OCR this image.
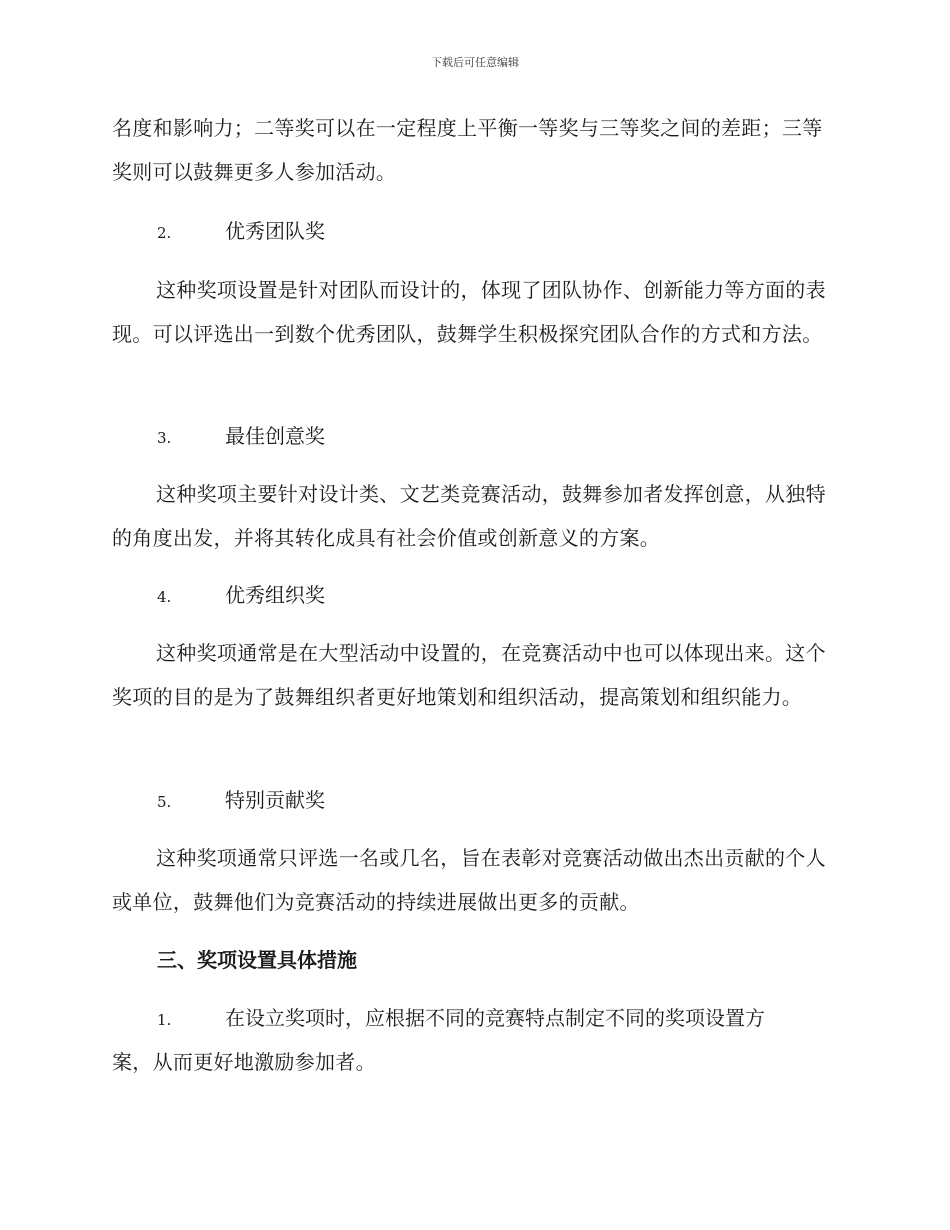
下载后可任意编辑
名度和影响力；二等奖可以在一定程度上平衡一等奖与三等奖之间的差距；三等奖则可以鼓舞更多人参加活动。
2.	优秀团队奖
这种奖项设置是针对团队而设计的，体现了团队协作、创新能力等方面的表现。可以评选出一到数个优秀团队，鼓舞学生积极探究团队合作的方式和方法。
3.	最佳创意奖
这种奖项主要针对设计类、文艺类竞赛活动，鼓舞参加者发挥创意，从独特的角度出发，并将其转化成具有社会价值或创新意义的方案。
4.	优秀组织奖
这种奖项通常是在大型活动中设置的，在竞赛活动中也可以体现出来。这个奖项的目的是为了鼓舞组织者更好地策划和组织活动，提高策划和组织能力。
5.	特别贡献奖
这种奖项通常只评选一名或几名，旨在表彰对竞赛活动做出杰出贡献的个人或单位，鼓舞他们为竞赛活动的持续进展做出更多的贡献。
三、奖项设置具体措施
1.	在设立奖项时，应根据不同的竞赛特点制定不同的奖项设置方
案，从而更好地激励参加者。
